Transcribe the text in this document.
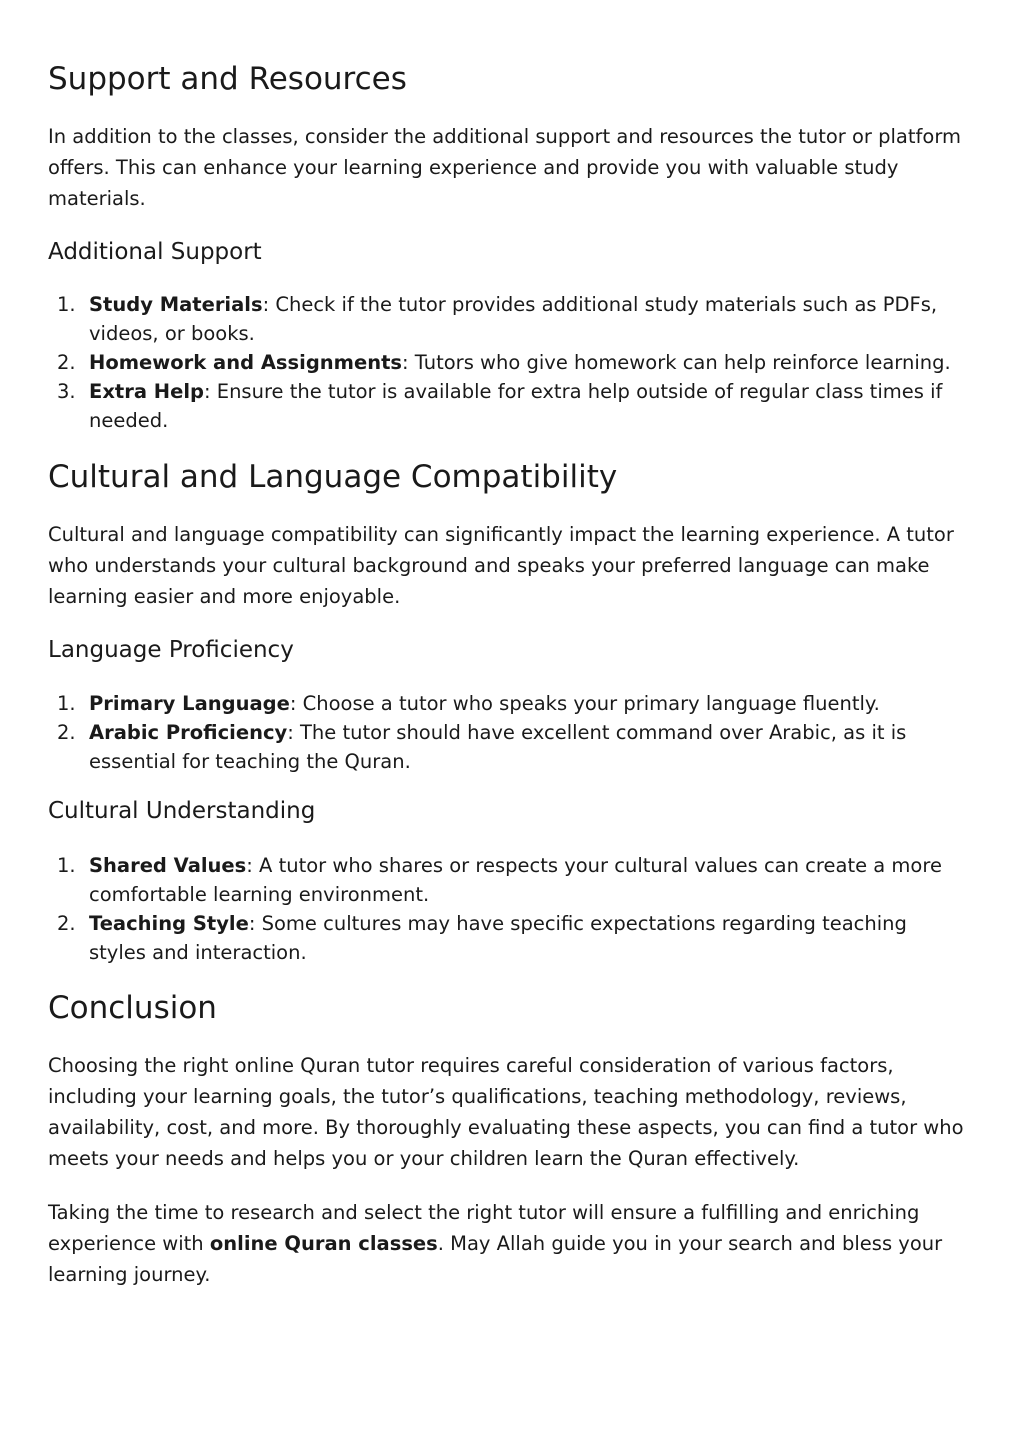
Support and Resources

In addition to the classes, consider the additional support and resources the tutor or platform offers. This can enhance your learning experience and provide you with valuable study materials.

Additional Support
1. Study Materials: Check if the tutor provides additional study materials such as PDFs, videos, or books.
2. Homework and Assignments: Tutors who give homework can help reinforce learning.
3. Extra Help: Ensure the tutor is available for extra help outside of regular class times if needed.
Cultural and Language Compatibility

Cultural and language compatibility can significantly impact the learning experience. A tutor who understands your cultural background and speaks your preferred language can make learning easier and more enjoyable.

Language Proficiency
1. Primary Language: Choose a tutor who speaks your primary language fluently.
2. Arabic Proficiency: The tutor should have excellent command over Arabic, as it is essential for teaching the Quran.
Cultural Understanding
1. Shared Values: A tutor who shares or respects your cultural values can create a more comfortable learning environment.
2. Teaching Style: Some cultures may have specific expectations regarding teaching styles and interaction.
Conclusion

Choosing the right online Quran tutor requires careful consideration of various factors, including your learning goals, the tutor’s qualifications, teaching methodology, reviews, availability, cost, and more. By thoroughly evaluating these aspects, you can find a tutor who meets your needs and helps you or your children learn the Quran effectively.

Taking the time to research and select the right tutor will ensure a fulfilling and enriching experience with online Quran classes. May Allah guide you in your search and bless your learning journey.
